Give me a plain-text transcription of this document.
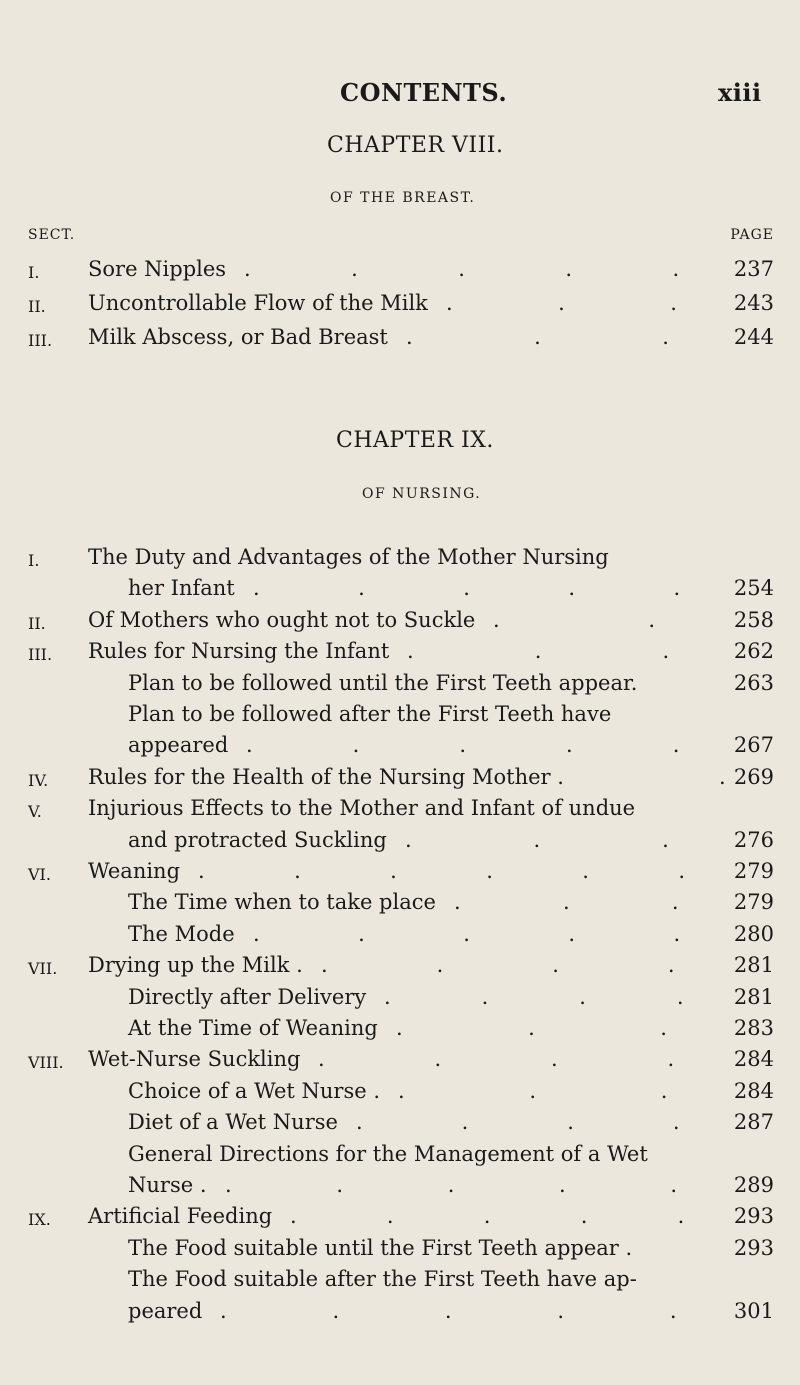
CONTENTS.	xiii
CHAPTER VIII.
OF THE BREAST.
SECT.	PAGE
I.	Sore Nipples . . . . . 237
II.	Uncontrollable Flow of the Milk . . . 243
III.	Milk Abscess, or Bad Breast . . . 244
CHAPTER IX.
OF NURSING.
I.	The Duty and Advantages of the Mother Nursing
her Infant . . . . . 254
II.	Of Mothers who ought not to Suckle . . 258
III.	Rules for Nursing the Infant . . . 262
Plan to be followed until the First Teeth appear.	263
Plan to be followed after the First Teeth have
appeared . . . . . 267
IV.	Rules for the Health of the Nursing Mother .	. 269
V.	Injurious Effects to the Mother and Infant of undue
and protracted Suckling . . . 276
VI.	Weaning . . . . . . 279
The Time when to take place . . . 279
The Mode . . . . . 280
VII.	Drying up the Milk . . . . . 281
Directly after Delivery . . . . 281
At the Time of Weaning . . . 283
VIII.	Wet-Nurse Suckling . . . . 284
Choice of a Wet Nurse . . . . 284
Diet of a Wet Nurse . . . . 287
General Directions for the Management of a Wet
Nurse . . . . . . 289
IX.	Artificial Feeding . . . . . 293
The Food suitable until the First Teeth appear .	293
The Food suitable after the First Teeth have ap-
peared . . . . . 301
